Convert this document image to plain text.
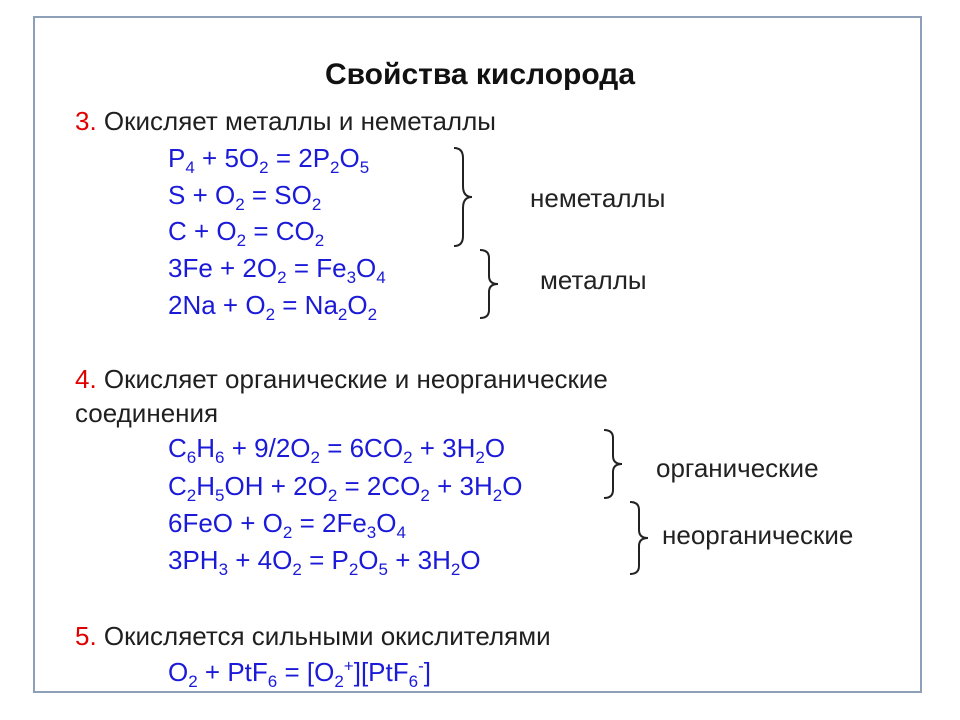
Свойства кислорода
3. Окисляет металлы и неметаллы
$P_4 + 5O_2 = 2P_2O_5$
$S + O_2 = SO_2$
$C + O_2 = CO_2$
$3Fe + 2O_2 = Fe_3O_4$
$2Na + O_2 = Na_2O_2$
неметаллы
металлы
4. Окисляет органические и неорганические
соединения
$C_6H_6 + 9/2O_2 = 6CO_2 + 3H_2O$
$C_2H_5OH + 2O_2 = 2CO_2 + 3H_2O$
$6FeO + O_2 = 2Fe_3O_4$
$3PH_3 + 4O_2 = P_2O_5 + 3H_2O$
органические
неорганические
5. Окисляется сильными окислителями
$O_2 + PtF_6 = [O_2^+][PtF_6^-]$
